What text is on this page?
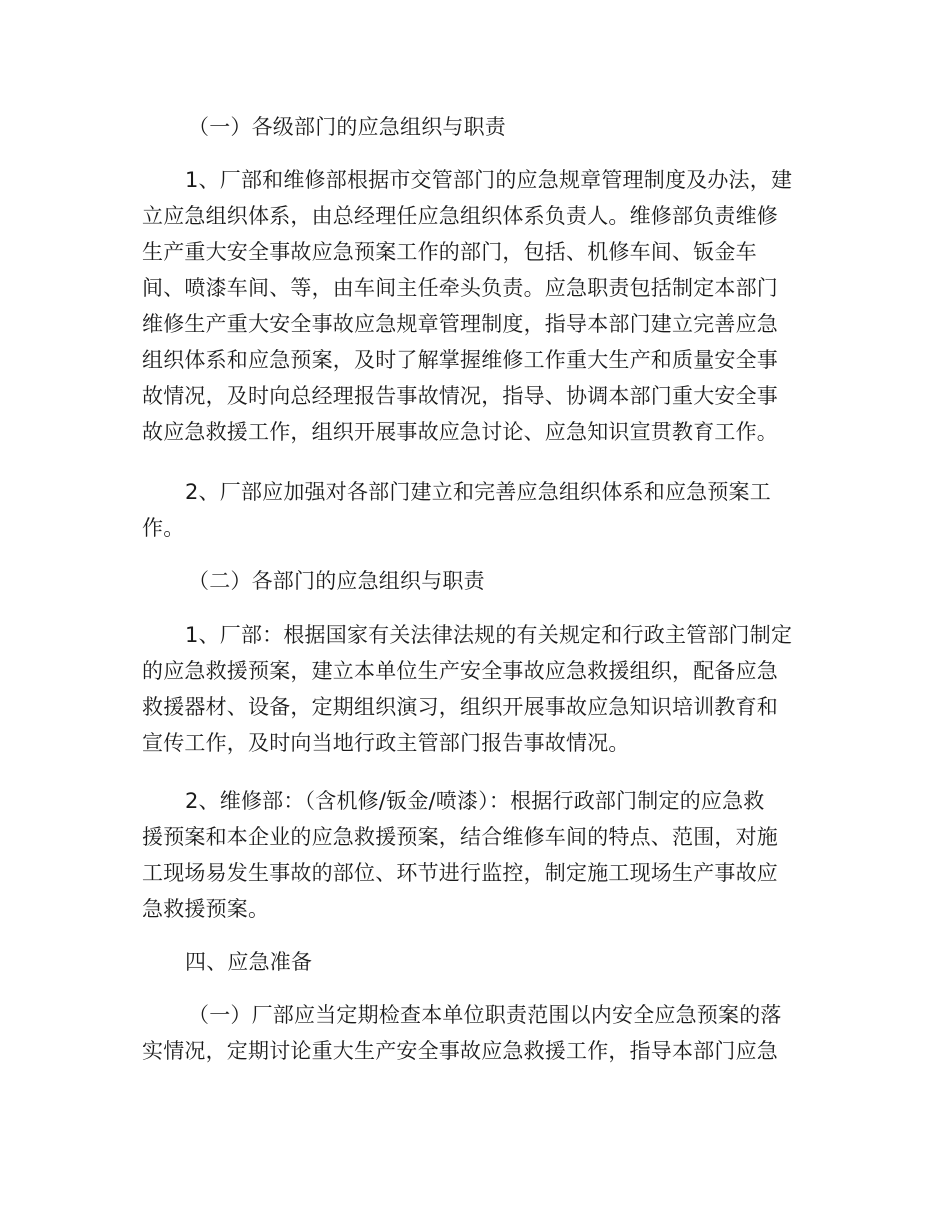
（一）各级部门的应急组织与职责
1、厂部和维修部根据市交管部门的应急规章管理制度及办法，建
立应急组织体系，由总经理任应急组织体系负责人。维修部负责维修
生产重大安全事故应急预案工作的部门，包括、机修车间、钣金车
间、喷漆车间、等，由车间主任牵头负责。应急职责包括制定本部门
维修生产重大安全事故应急规章管理制度，指导本部门建立完善应急
组织体系和应急预案，及时了解掌握维修工作重大生产和质量安全事
故情况，及时向总经理报告事故情况，指导、协调本部门重大安全事
故应急救援工作，组织开展事故应急讨论、应急知识宣贯教育工作。
2、厂部应加强对各部门建立和完善应急组织体系和应急预案工
作。
（二）各部门的应急组织与职责
1、厂部：根据国家有关法律法规的有关规定和行政主管部门制定
的应急救援预案，建立本单位生产安全事故应急救援组织，配备应急
救援器材、设备，定期组织演习，组织开展事故应急知识培训教育和
宣传工作，及时向当地行政主管部门报告事故情况。
2、维修部：（含机修/钣金/喷漆）：根据行政部门制定的应急救
援预案和本企业的应急救援预案，结合维修车间的特点、范围，对施
工现场易发生事故的部位、环节进行监控，制定施工现场生产事故应
急救援预案。
四、应急准备
（一）厂部应当定期检查本单位职责范围以内安全应急预案的落
实情况，定期讨论重大生产安全事故应急救援工作，指导本部门应急
